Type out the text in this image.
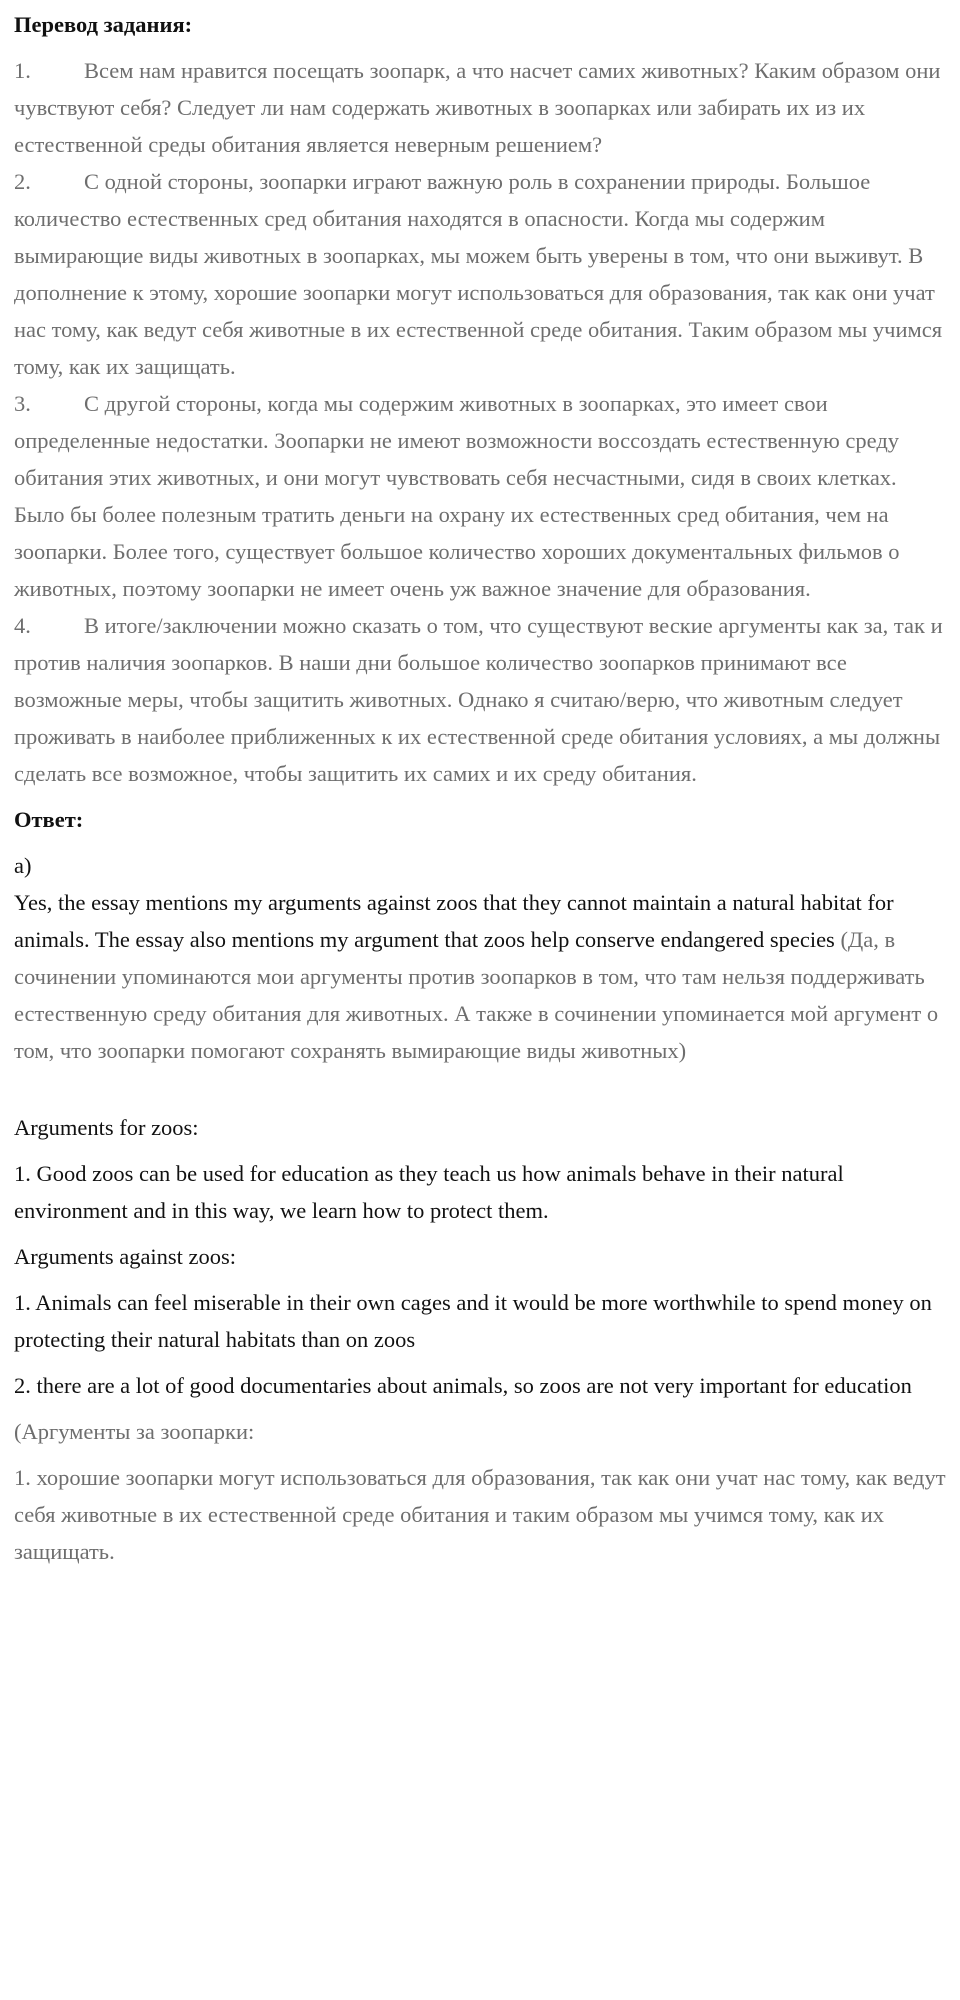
Перевод задания:

1. Всем нам нравится посещать зоопарк, а что насчет самих животных? Каким образом они чувствуют себя? Следует ли нам содержать животных в зоопарках или забирать их из их естественной среды обитания является неверным решением?
2. С одной стороны, зоопарки играют важную роль в сохранении природы. Большое количество естественных сред обитания находятся в опасности. Когда мы содержим вымирающие виды животных в зоопарках, мы можем быть уверены в том, что они выживут. В дополнение к этому, хорошие зоопарки могут использоваться для образования, так как они учат нас тому, как ведут себя животные в их естественной среде обитания. Таким образом мы учимся тому, как их защищать.
3. С другой стороны, когда мы содержим животных в зоопарках, это имеет свои определенные недостатки. Зоопарки не имеют возможности воссоздать естественную среду обитания этих животных, и они могут чувствовать себя несчастными, сидя в своих клетках. Было бы более полезным тратить деньги на охрану их естественных сред обитания, чем на зоопарки. Более того, существует большое количество хороших документальных фильмов о животных, поэтому зоопарки не имеет очень уж важное значение для образования.
4. В итоге/заключении можно сказать о том, что существуют веские аргументы как за, так и против наличия зоопарков. В наши дни большое количество зоопарков принимают все возможные меры, чтобы защитить животных. Однако я считаю/верю, что животным следует проживать в наиболее приближенных к их естественной среде обитания условиях, а мы должны сделать все возможное, чтобы защитить их самих и их среду обитания.

Ответ:

а)

Yes, the essay mentions my arguments against zoos that they cannot maintain a natural habitat for animals. The essay also mentions my argument that zoos help conserve endangered species (Да, в сочинении упоминаются мои аргументы против зоопарков в том, что там нельзя поддерживать естественную среду обитания для животных. А также в сочинении упоминается мой аргумент о том, что зоопарки помогают сохранять вымирающие виды животных)

Arguments for zoos:

1. Good zoos can be used for education as they teach us how animals behave in their natural environment and in this way, we learn how to protect them.

Arguments against zoos:

1. Animals can feel miserable in their own cages and it would be more worthwhile to spend money on protecting their natural habitats than on zoos

2. there are a lot of good documentaries about animals, so zoos are not very important for education

(Аргументы за зоопарки:

1. хорошие зоопарки могут использоваться для образования, так как они учат нас тому, как ведут себя животные в их естественной среде обитания и таким образом мы учимся тому, как их защищать.
